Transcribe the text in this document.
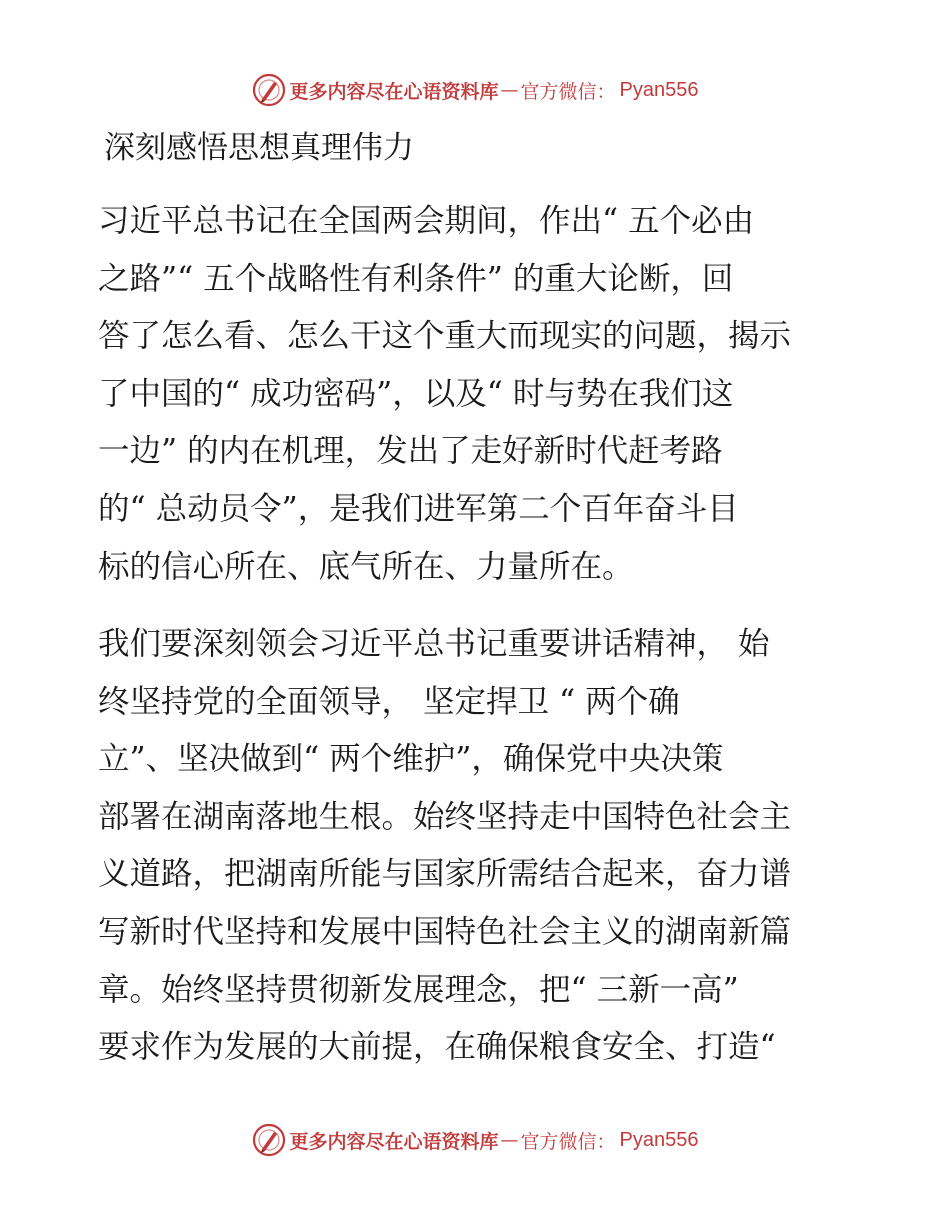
更多内容尽在心语资料库 — 官方微信： Pyan556
深刻感悟思想真理伟力
习近平总书记在全国两会期间，作出“ 五个必由
之路”“ 五个战略性有利条件” 的重大论断，回
答了怎么看、怎么干这个重大而现实的问题，揭示
了中国的“ 成功密码”，以及“ 时与势在我们这
一边” 的内在机理，发出了走好新时代赶考路
的“ 总动员令”，是我们进军第二个百年奋斗目
标的信心所在、底气所在、力量所在。
我们要深刻领会习近平总书记重要讲话精神， 始
终坚持党的全面领导， 坚定捍卫 “ 两个确
立”、坚决做到“ 两个维护”，确保党中央决策
部署在湖南落地生根。始终坚持走中国特色社会主
义道路，把湖南所能与国家所需结合起来，奋力谱
写新时代坚持和发展中国特色社会主义的湖南新篇
章。始终坚持贯彻新发展理念，把“ 三新一高”
要求作为发展的大前提，在确保粮食安全、打造“
更多内容尽在心语资料库 — 官方微信： Pyan556
